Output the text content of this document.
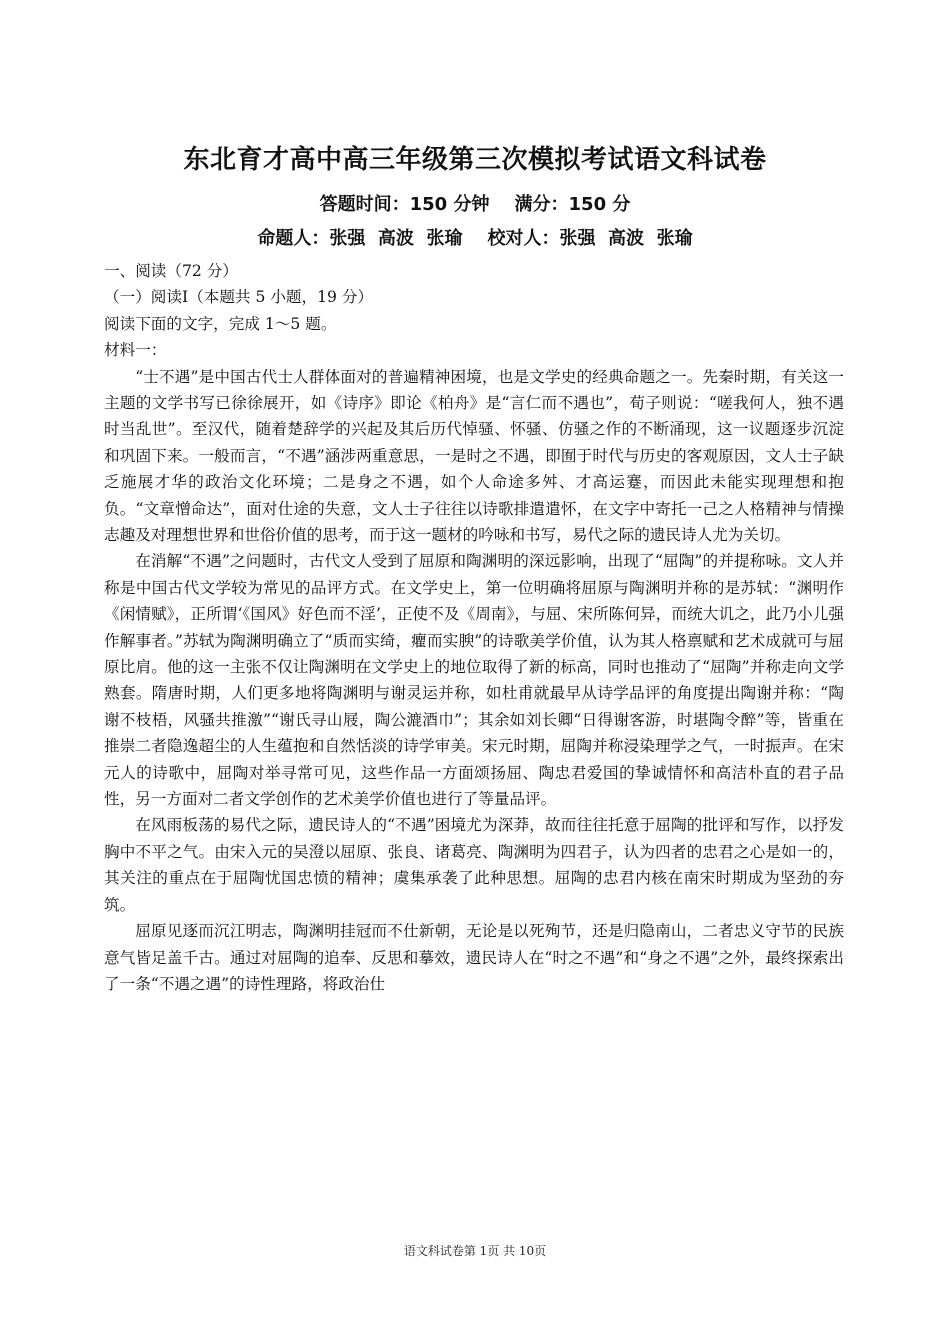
东北育才高中高三年级第三次模拟考试语文科试卷
答题时间：150 分钟    满分：150 分
命题人：张强  高波  张瑜    校对人：张强  高波  张瑜

一、阅读（72 分）

（一）阅读Ⅰ（本题共 5 小题，19 分）

阅读下面的文字，完成 1～5 题。

材料一：

“士不遇”是中国古代士人群体面对的普遍精神困境，也是文学史的经典命题之一。先秦时期，有关这一主题的文学书写已徐徐展开，如《诗序》即论《柏舟》是“言仁而不遇也”，荀子则说：“嗟我何人，独不遇时当乱世”。至汉代，随着楚辞学的兴起及其后历代悼骚、怀骚、仿骚之作的不断涌现，这一议题逐步沉淀和巩固下来。一般而言，“不遇”涵涉两重意思，一是时之不遇，即囿于时代与历史的客观原因，文人士子缺乏施展才华的政治文化环境；二是身之不遇，如个人命途多舛、才高运蹇，而因此未能实现理想和抱负。“文章憎命达”，面对仕途的失意，文人士子往往以诗歌排遣遣怀，在文字中寄托一己之人格精神与情操志趣及对理想世界和世俗价值的思考，而于这一题材的吟咏和书写，易代之际的遗民诗人尤为关切。

在消解“不遇”之问题时，古代文人受到了屈原和陶渊明的深远影响，出现了“屈陶”的并提称咏。文人并称是中国古代文学较为常见的品评方式。在文学史上，第一位明确将屈原与陶渊明并称的是苏轼：“渊明作《闲情赋》，正所谓‘《国风》好色而不淫’，正使不及《周南》，与屈、宋所陈何异，而统大讥之，此乃小儿强作解事者。”苏轼为陶渊明确立了“质而实绮，癯而实腴”的诗歌美学价值，认为其人格禀赋和艺术成就可与屈原比肩。他的这一主张不仅让陶渊明在文学史上的地位取得了新的标高，同时也推动了“屈陶”并称走向文学熟套。隋唐时期，人们更多地将陶渊明与谢灵运并称，如杜甫就最早从诗学品评的角度提出陶谢并称：“陶谢不枝梧，风骚共推激”“谢氏寻山屐，陶公漉酒巾”；其余如刘长卿“日得谢客游，时堪陶令醉”等，皆重在推崇二者隐逸超尘的人生蕴抱和自然恬淡的诗学审美。宋元时期，屈陶并称浸染理学之气，一时振声。在宋元人的诗歌中，屈陶对举寻常可见，这些作品一方面颂扬屈、陶忠君爱国的挚诚情怀和高洁朴直的君子品性，另一方面对二者文学创作的艺术美学价值也进行了等量品评。

在风雨板荡的易代之际，遗民诗人的“不遇”困境尤为深莽，故而往往托意于屈陶的批评和写作，以抒发胸中不平之气。由宋入元的吴澄以屈原、张良、诸葛亮、陶渊明为四君子，认为四者的忠君之心是如一的，其关注的重点在于屈陶忧国忠愤的精神；虞集承袭了此种思想。屈陶的忠君内核在南宋时期成为坚劲的夯筑。

屈原见逐而沉江明志，陶渊明挂冠而不仕新朝，无论是以死殉节，还是归隐南山，二者忠义守节的民族意气皆足盖千古。通过对屈陶的追奉、反思和摹效，遗民诗人在“时之不遇”和“身之不遇”之外，最终探索出了一条“不遇之遇”的诗性理路，将政治仕

语文科试卷第 1页 共 10页
